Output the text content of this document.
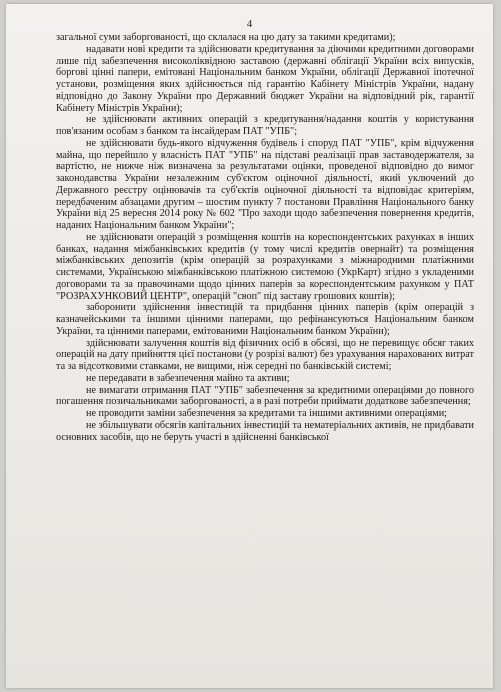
4

загальної суми заборгованості, що склалася на цю дату за такими кредитами);

надавати нові кредити та здійснювати кредитування за діючими кредитними договорами лише під забезпечення високоліквідною заставою (державні облігації України всіх випусків, боргові цінні папери, емітовані Національним банком України, облігації Державної іпотечної установи, розміщення яких здійснюється під гарантію Кабінету Міністрів України, надану відповідно до Закону України про Державний бюджет України на відповідний рік, гарантії Кабінету Міністрів України);

не здійснювати активних операцій з кредитування/надання коштів у користування пов'язаним особам з банком та інсайдерам ПАТ "УПБ";

не здійснювати будь-якого відчуження будівель і споруд ПАТ "УПБ", крім відчуження майна, що перейшло у власність ПАТ "УПБ" на підставі реалізації прав заставодержателя, за вартістю, не нижче ніж визначена за результатами оцінки, проведеної відповідно до вимог законодавства України незалежним суб'єктом оціночної діяльності, який уключений до Державного реєстру оцінювачів та суб'єктів оціночної діяльності та відповідає критеріям, передбаченим абзацами другим – шостим пункту 7 постанови Правління Національного банку України від 25 вересня 2014 року № 602 "Про заходи щодо забезпечення повернення кредитів, наданих Національним банком України";

не здійснювати операцій з розміщення коштів на кореспондентських рахунках в інших банках, надання міжбанківських кредитів (у тому числі кредитів овернайт) та розміщення міжбанківських депозитів (крім операцій за розрахунками з міжнародними платіжними системами, Українською міжбанківською платіжною системою (УкрКарт) згідно з укладеними договорами та за правочинами щодо цінних паперів за кореспондентським рахунком у ПАТ "РОЗРАХУНКОВИЙ ЦЕНТР", операцій "своп" під заставу грошових коштів);

заборонити здійснення інвестицій та придбання цінних паперів (крім операцій з казначейськими та іншими цінними паперами, що рефінансуються Національним банком України, та цінними паперами, емітованими Національним банком України);

здійснювати залучення коштів від фізичних осіб в обсязі, що не перевищує обсяг таких операцій на дату прийняття цієї постанови (у розрізі валют) без урахування нарахованих витрат та за відсотковими ставками, не вищими, ніж середні по банківській системі;

не передавати в забезпечення майно та активи;

не вимагати отримання ПАТ "УПБ" забезпечення за кредитними операціями до повного погашення позичальниками заборгованості, а в разі потреби приймати додаткове забезпечення;

не проводити заміни забезпечення за кредитами та іншими активними операціями;

не збільшувати обсягів капітальних інвестицій та нематеріальних активів, не придбавати основних засобів, що не беруть участі в здійсненні банківської
